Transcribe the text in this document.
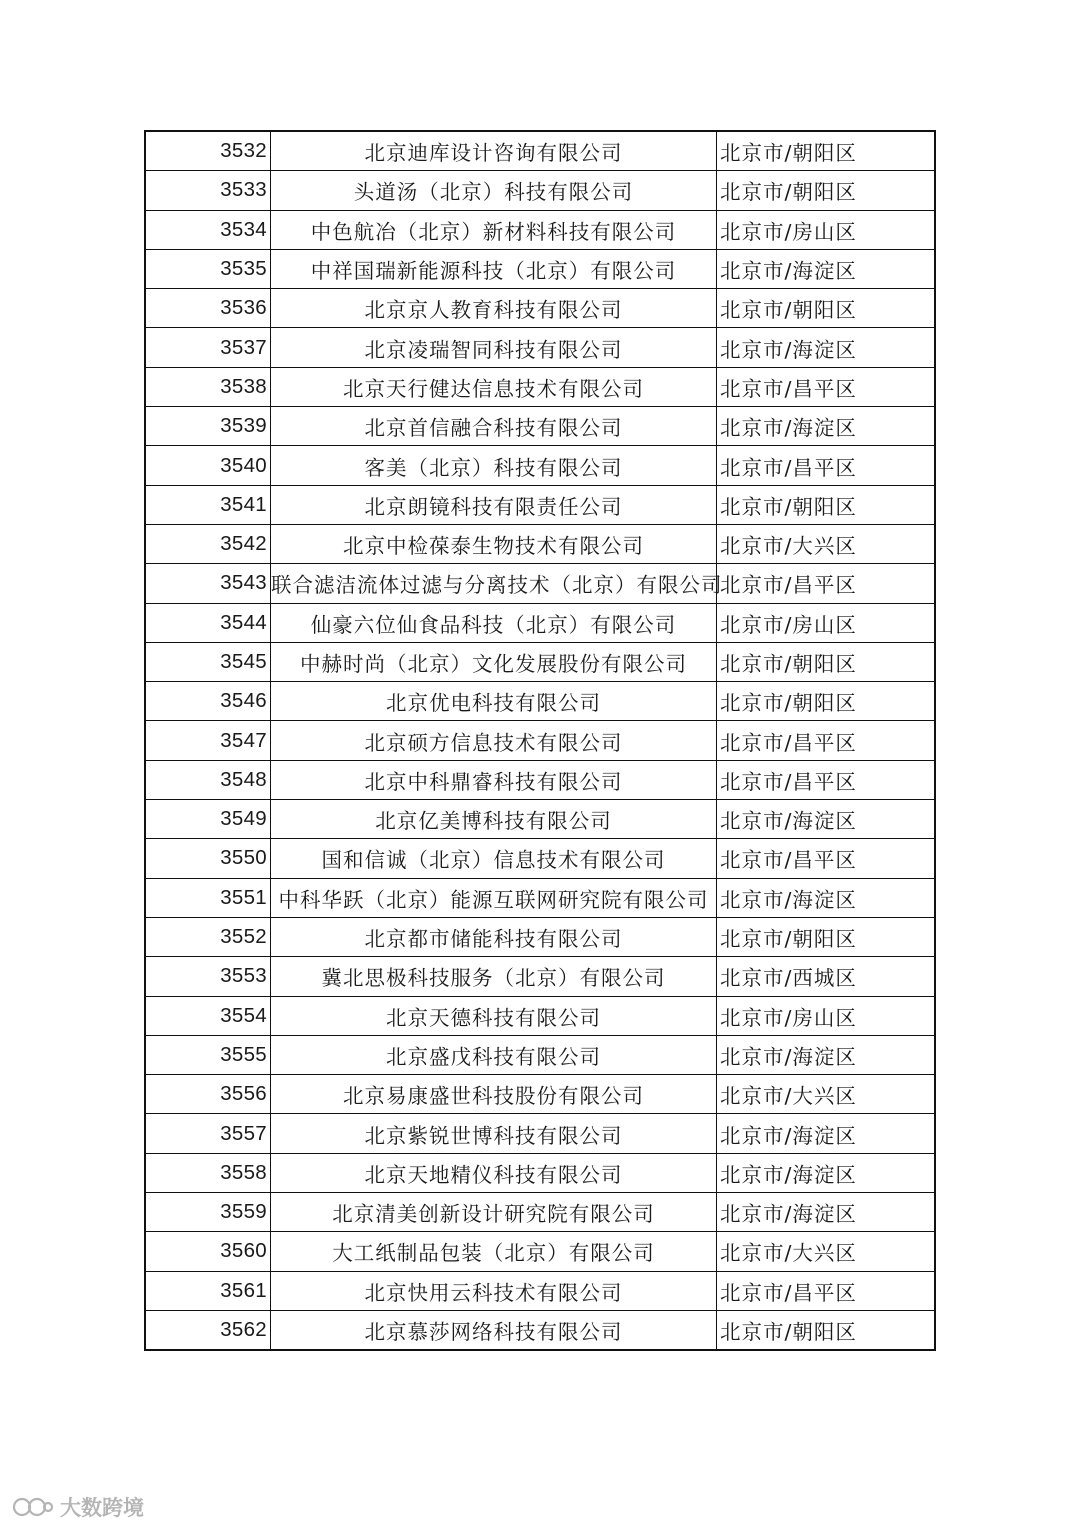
3532	北京迪库设计咨询有限公司	北京市/朝阳区
3533	头道汤（北京）科技有限公司	北京市/朝阳区
3534	中色航冶（北京）新材料科技有限公司	北京市/房山区
3535	中祥国瑞新能源科技（北京）有限公司	北京市/海淀区
3536	北京京人教育科技有限公司	北京市/朝阳区
3537	北京凌瑞智同科技有限公司	北京市/海淀区
3538	北京天行健达信息技术有限公司	北京市/昌平区
3539	北京首信融合科技有限公司	北京市/海淀区
3540	客美（北京）科技有限公司	北京市/昌平区
3541	北京朗镜科技有限责任公司	北京市/朝阳区
3542	北京中检葆泰生物技术有限公司	北京市/大兴区
3543	联合滤洁流体过滤与分离技术（北京）有限公司	北京市/昌平区
3544	仙豪六位仙食品科技（北京）有限公司	北京市/房山区
3545	中赫时尚（北京）文化发展股份有限公司	北京市/朝阳区
3546	北京优电科技有限公司	北京市/朝阳区
3547	北京硕方信息技术有限公司	北京市/昌平区
3548	北京中科鼎睿科技有限公司	北京市/昌平区
3549	北京亿美博科技有限公司	北京市/海淀区
3550	国和信诚（北京）信息技术有限公司	北京市/昌平区
3551	中科华跃（北京）能源互联网研究院有限公司	北京市/海淀区
3552	北京都市储能科技有限公司	北京市/朝阳区
3553	冀北思极科技服务（北京）有限公司	北京市/西城区
3554	北京天德科技有限公司	北京市/房山区
3555	北京盛戊科技有限公司	北京市/海淀区
3556	北京易康盛世科技股份有限公司	北京市/大兴区
3557	北京紫锐世博科技有限公司	北京市/海淀区
3558	北京天地精仪科技有限公司	北京市/海淀区
3559	北京清美创新设计研究院有限公司	北京市/海淀区
3560	大工纸制品包装（北京）有限公司	北京市/大兴区
3561	北京快用云科技术有限公司	北京市/昌平区
3562	北京慕莎网络科技有限公司	北京市/朝阳区
大数跨境
